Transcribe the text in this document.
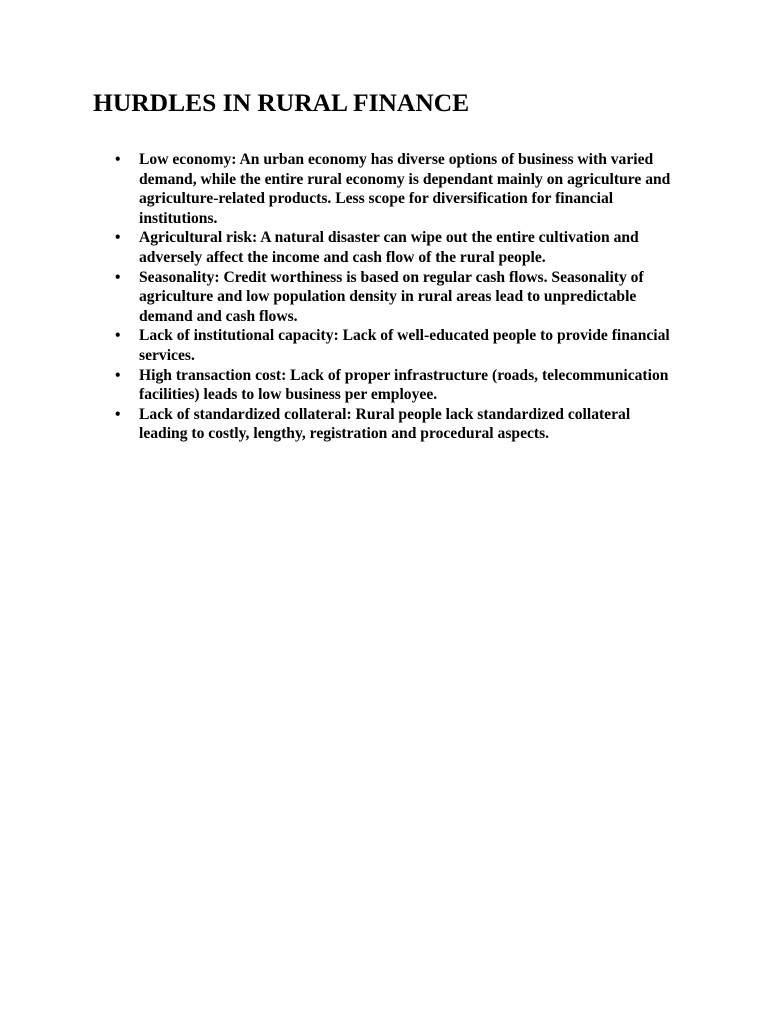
HURDLES IN RURAL FINANCE
•	Low economy: An urban economy has diverse options of business with varied demand, while the entire rural economy is dependant mainly on agriculture and agriculture-related products. Less scope for diversification for financial institutions.
•	Agricultural risk: A natural disaster can wipe out the entire cultivation and adversely affect the income and cash flow of the rural people.
•	Seasonality: Credit worthiness is based on regular cash flows. Seasonality of agriculture and low population density in rural areas lead to unpredictable demand and cash flows.
•	Lack of institutional capacity: Lack of well-educated people to provide financial services.
•	High transaction cost: Lack of proper infrastructure (roads, telecommunication facilities) leads to low business per employee.
•	Lack of standardized collateral: Rural people lack standardized collateral leading to costly, lengthy, registration and procedural aspects.
